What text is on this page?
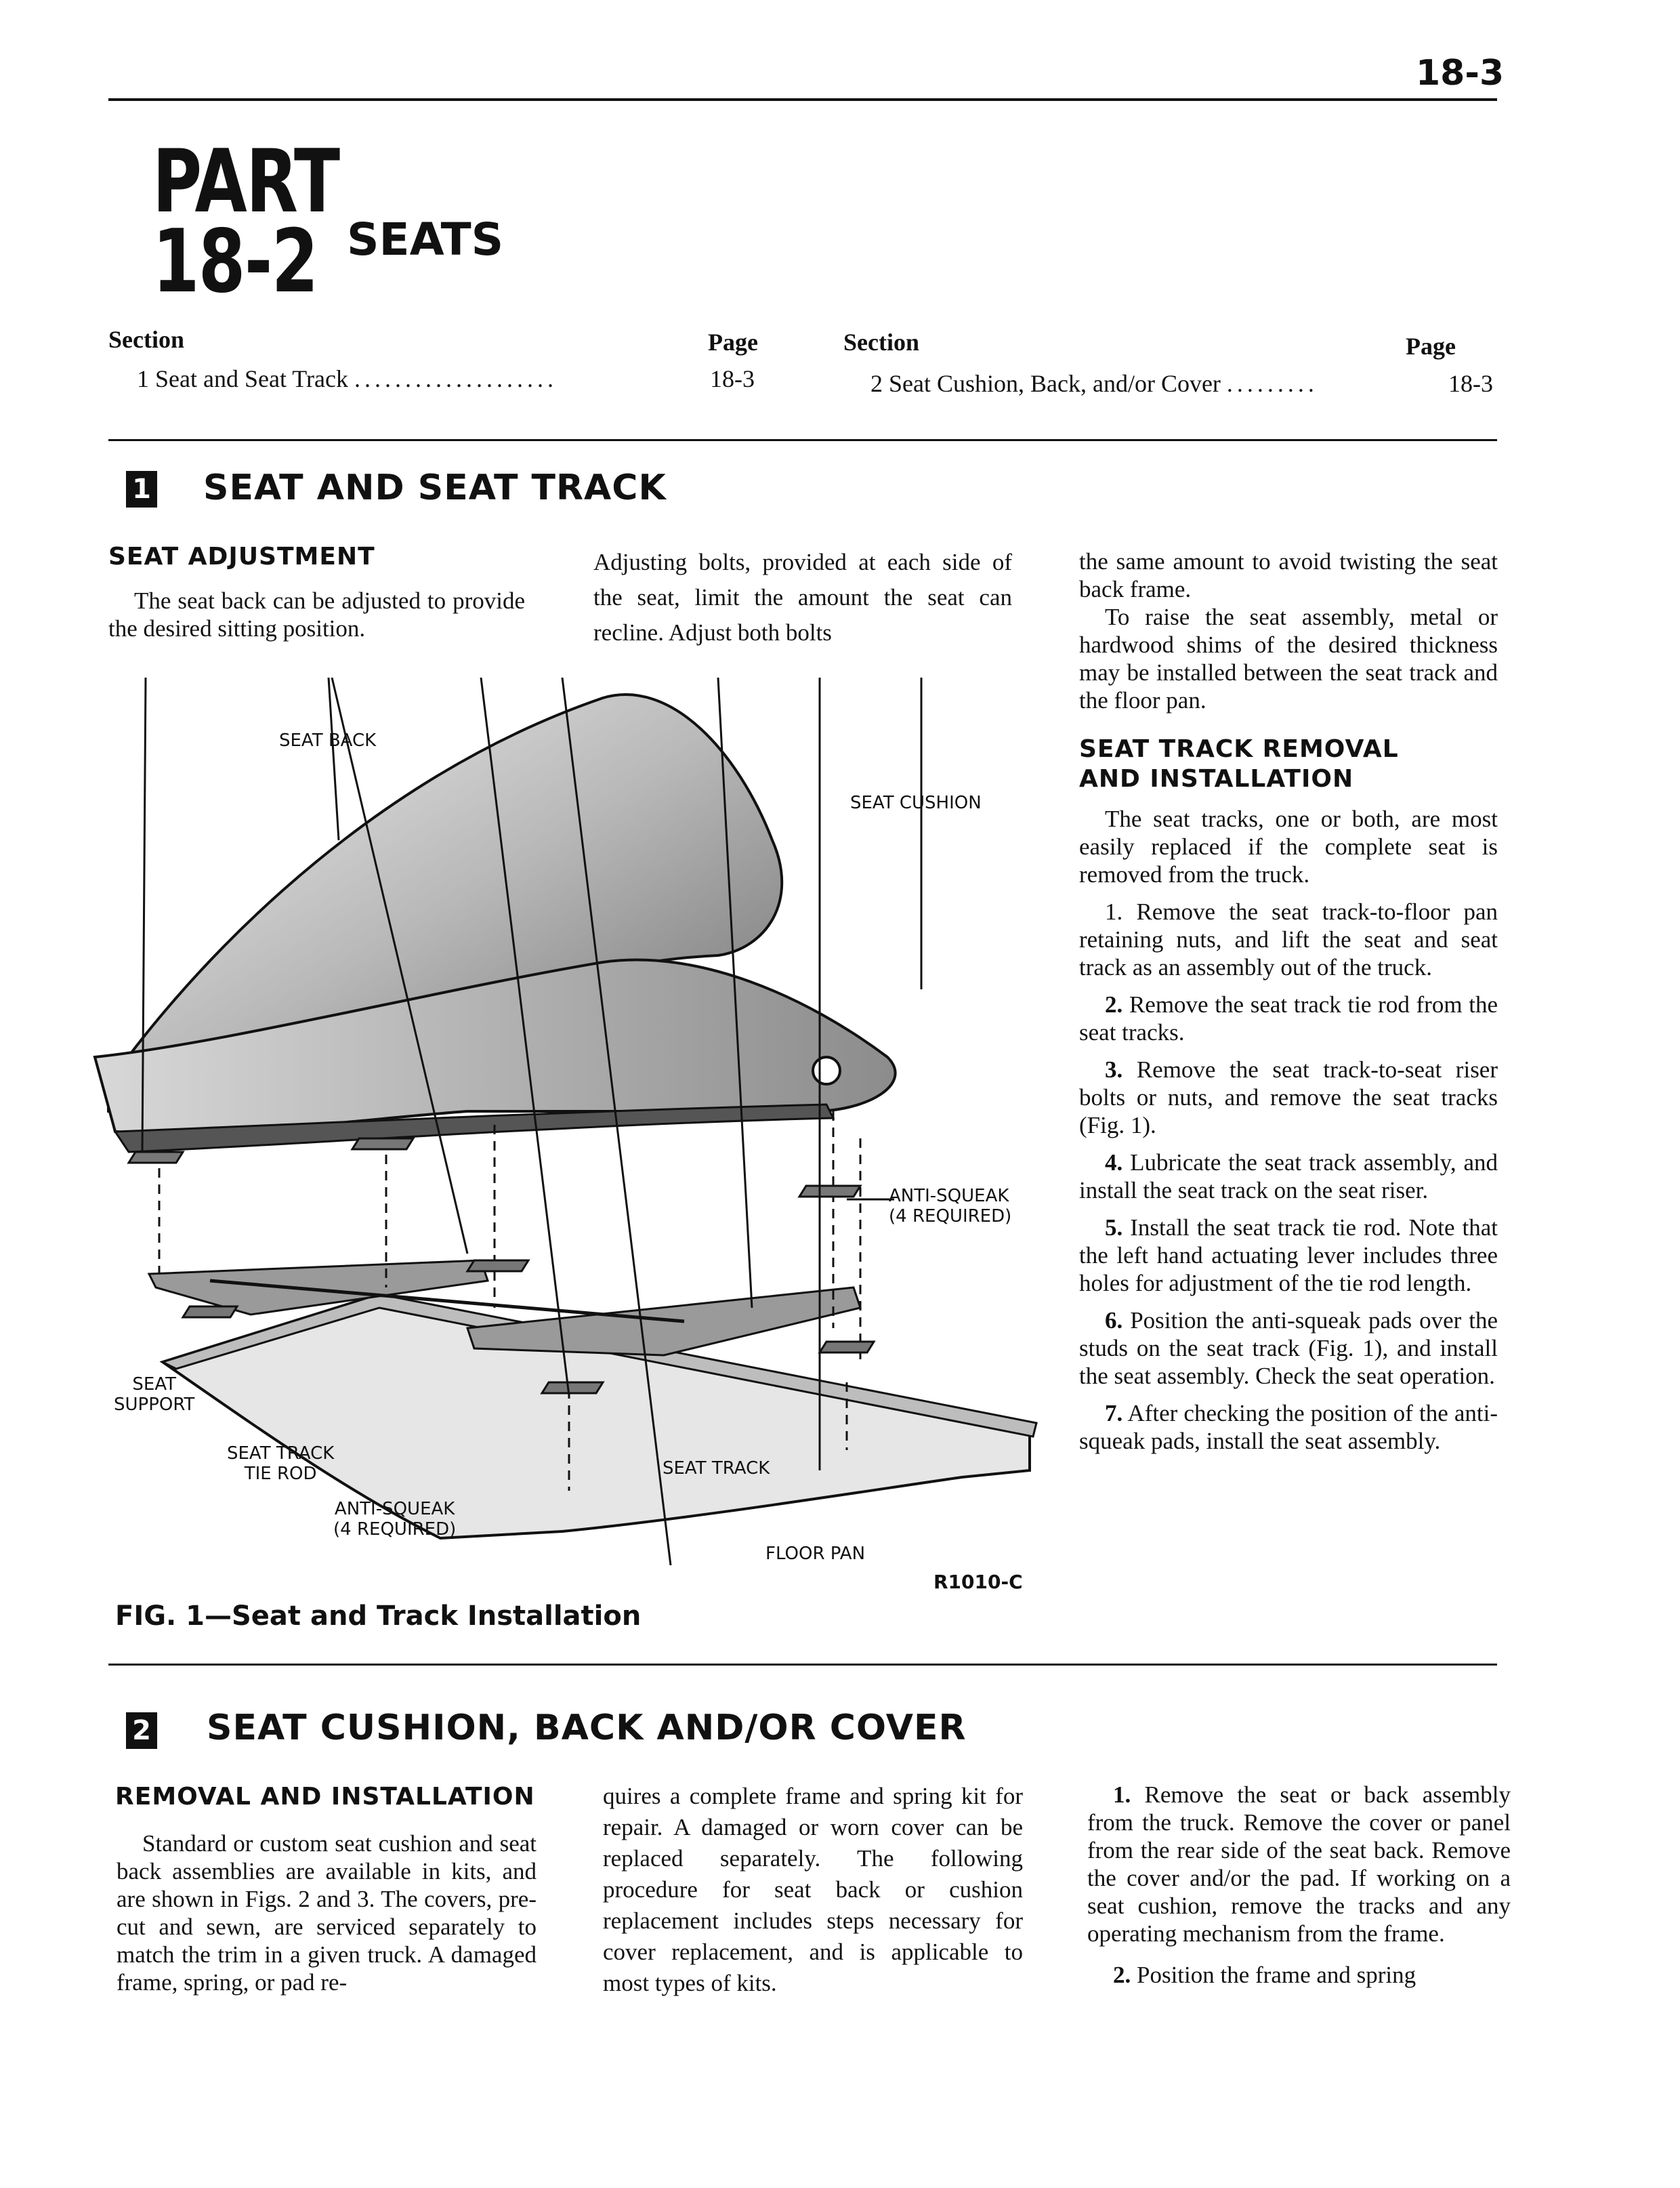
18-3
PART
18-2 SEATS
Section	Page
1 Seat and Seat Track ....................	18-3
Section	Page
2 Seat Cushion, Back, and/or Cover .........	18-3
1 SEAT AND SEAT TRACK
SEAT ADJUSTMENT

The seat back can be adjusted to provide the desired sitting position.

Adjusting bolts, provided at each side of the seat, limit the amount the seat can recline. Adjust both bolts

the same amount to avoid twisting the seat back frame.

To raise the seat assembly, metal or hardwood shims of the desired thickness may be installed between the seat track and the floor pan.

SEAT TRACK REMOVAL
AND INSTALLATION

The seat tracks, one or both, are most easily replaced if the complete seat is removed from the truck.

1. Remove the seat track-to-floor pan retaining nuts, and lift the seat and seat track as an assembly out of the truck.

2. Remove the seat track tie rod from the seat tracks.

3. Remove the seat track-to-seat riser bolts or nuts, and remove the seat tracks (Fig. 1).

4. Lubricate the seat track assembly, and install the seat track on the seat riser.

5. Install the seat track tie rod. Note that the left hand actuating lever includes three holes for adjustment of the tie rod length.

6. Position the anti-squeak pads over the studs on the seat track (Fig. 1), and install the seat assembly. Check the seat operation.

7. After checking the position of the anti-squeak pads, install the seat assembly.

SEAT BACK
SEAT CUSHION
ANTI-SQUEAK
(4 REQUIRED)
SEAT
SUPPORT
SEAT TRACK
TIE ROD
ANTI-SQUEAK
(4 REQUIRED)
SEAT TRACK
FLOOR PAN
R1010-C
FIG. 1—Seat and Track Installation
2 SEAT CUSHION, BACK AND/OR COVER
REMOVAL AND INSTALLATION

Standard or custom seat cushion and seat back assemblies are available in kits, and are shown in Figs. 2 and 3. The covers, pre-cut and sewn, are serviced separately to match the trim in a given truck. A damaged frame, spring, or pad re-

quires a complete frame and spring kit for repair. A damaged or worn cover can be replaced separately. The following procedure for seat back or cushion replacement includes steps necessary for cover replacement, and is applicable to most types of kits.

1. Remove the seat or back assembly from the truck. Remove the cover or panel from the rear side of the seat back. Remove the cover and/or the pad. If working on a seat cushion, remove the tracks and any operating mechanism from the frame.

2. Position the frame and spring
